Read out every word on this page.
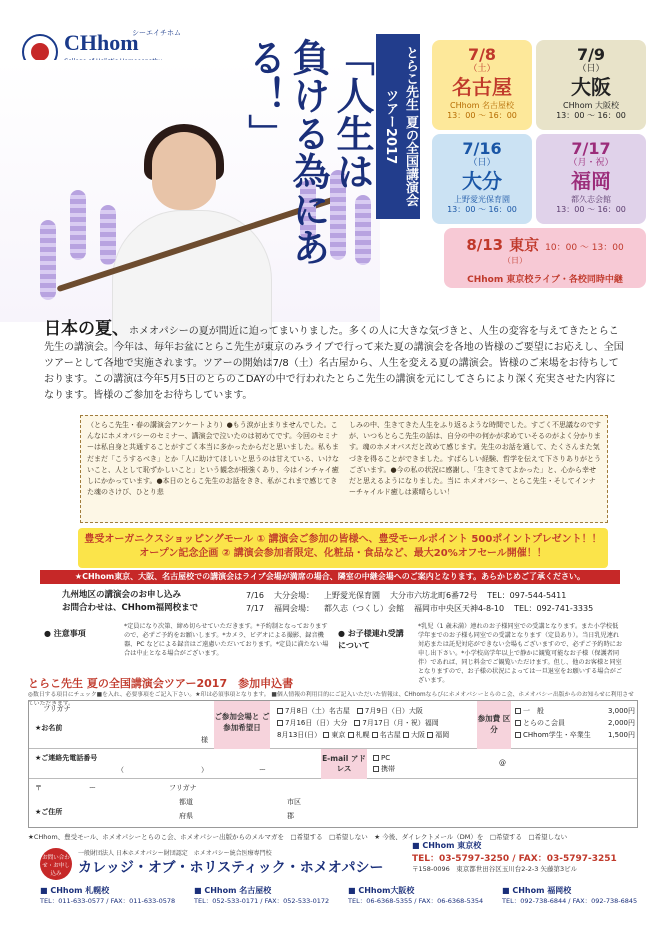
CHhom
シーエイチホム
「人生は
負ける為にある！」	とらこ先生 夏の全国講演会ツアー2017
7/8
（土）
名古屋
CHhom 名古屋校
13：00 〜 16：00
7/9
（日）
大阪
CHhom 大阪校
13：00 〜 16：00
7/16
（日）
大分
上野愛光保育園
13：00 〜 16：00
7/17
（月・祝）
福岡
都久志会館
13：00 〜 16：00
8/13 東京 10：00 〜 13：00
（日）
CHhom 東京校ライブ・各校同時中継
日本の夏、ホメオパシーの夏が間近に迫ってまいりました。多くの人に大きな気づきと、人生の変容を与えてきたとらこ先生の講演会。今年は、毎年お盆にとらこ先生が東京のみライブで行って来た夏の講演会を各地の皆様のご要望にお応えし、全国ツアーとして各地で実施されます。ツアーの開始は7/8（土）名古屋から、人生を変える夏の講演会。皆様のご来場をお待ちしております。この講演は今年5月5日のとらのこDAYの中で行われたとらこ先生の講演を元にしてさらにより深く充実させた内容になります。皆様のご参加をお待ちしています。
（とらこ先生・春の講演会アンケートより）●もう涙が止まりませんでした。こんなにホメオパシーのセミナー、講演会で泣いたのは初めてです。今回のセミナーは私自身と共通することがすごく本当に多かったからだと思いました。私もまだまだ「こうするべき」とか「人に助けてほしいと思うのは甘えている、いけないこと、人として恥ずかしいこと」という観念が根強くあり、今はインチャイ癒しにかかっています。●本日のとらこ先生のお話をきき、私がこれまで感じてきた魂のさけび、ひとり悲
しみの中、生きてきた人生をふり返るような時間でした。すごく不思議なのですが、いつもとらこ先生の話は、自分の中の何かが求めていそるのがよく分かります。魂のホメオパスだと改めて感じます。先生のお話を通して、たくさんまた気づきを得ることができました。すばらしい経験、哲学を伝えて下さりありがとうございます。●今の私の状況に感謝し、「生きてきてよかった」と、心から幸せだと思えるようになりました。当に ホメオパシー、とらこ先生・そしてインナーチャイルド癒しは素晴らしい！
豊受オーガニクスショッピングモール ① 講演会ご参加の皆様へ、豊受モールポイント 500ポイントプレゼント！！
オープン記念企画 ② 講演会参加者限定、化粧品・食品など、最大20%オフセール開催！！
★CHhom東京、大阪、名古屋校での講演会はライブ会場が満席の場合、隣室の中継会場へのご案内となります。あらかじめご了承ください。
九州地区の講演会のお申し込み
お問合わせは、CHhom福岡校まで
7/16 大分会場： 上野愛光保育園 大分市六坊北町6番72号 TEL：097-544-5411
7/17 福岡会場： 都久志（つくし）会館 福岡市中央区天神4-8-10 TEL：092-741-3335
● 注意事項
*定員になり次第、締め切らせていただきます。*予約制となっておりますので、必ずご予約をお願いします。*カメラ、ビデオによる撮影、録音機器、PC などによる録音はご遠慮いただいております。*定員に満たない場合は中止となる場合がございます。
● お子様連れ受講について
*乳児（1 歳未満）連れのお子様同室での受講となります。また小学校低学年までのお子様も同室での受講となります（定員あり）。当日乳児連れ対応または託児対応ができない会場もございますので、必ずご予約時にお申し出下さい。*小学校高学年以上で静かに観覧可能なお子様（保護者同伴）であれば、同じ料金でご観覧いただけます。但し、他のお客様と同室となりますので、お子様の状況によっては一旦退室をお願いする場合がございます。
とらこ先生 夏の全国講演会ツアー2017　参加申込書
◎数日する項目にチェック■を入れ、必要事項をご記入下さい。★印は必須事項となります。 ■個人情報の利用目的にご記入いただいた情報は、CHhomならびにホメオパシーとらのこ会、ホメオパシー出版からのお知らせに利用させていただきます。
フリガナ
★お名前
様
ご参加会場と ご参加希望日
7月8日（土）名古屋　 7月9日（日）大阪
7月16日（日）大分　 7月17日（月・祝）福岡
8月13日(日） 東京 札幌 名古屋 大阪 福岡
参加費 区分
一　般	3,000円
とらのこ会員	2,000円
CHhom学生・卒業生 1,500円
★ご連絡先電話番号
（	）	ー
E-mail アドレス
PC
携帯
@
〒	ー	フリガナ
★ご住所
都道
府県
市区
郡
★CHhom、豊受モール、ホメオパシーとらのこ会、ホメオパシー出版からのメルマガを　□希望する　□希望しない　★ 今後、ダイレクトメール（DM）を　□希望する　□希望しない
お問い合わせ・お申し込み
一般財団法人 日本ホメオパシー財団認定　ホメオパシー統合医療専門校
カレッジ・オブ・ホリスティック・ホメオパシー
■ CHhom 東京校
TEL：03-5797-3250 / FAX：03-5797-3251
〒158-0096　東京都世田谷区玉川台2-2-3 矢藤第3ビル
■ CHhom 札幌校
TEL：011-633-0577 / FAX：011-633-0578
■ CHhom 名古屋校
TEL：052-533-0171 / FAX：052-533-0172
■ CHhom大阪校
TEL：06-6368-5355 / FAX：06-6368-5354
■ CHhom 福岡校
TEL：092-738-6844 / FAX：092-738-6845
